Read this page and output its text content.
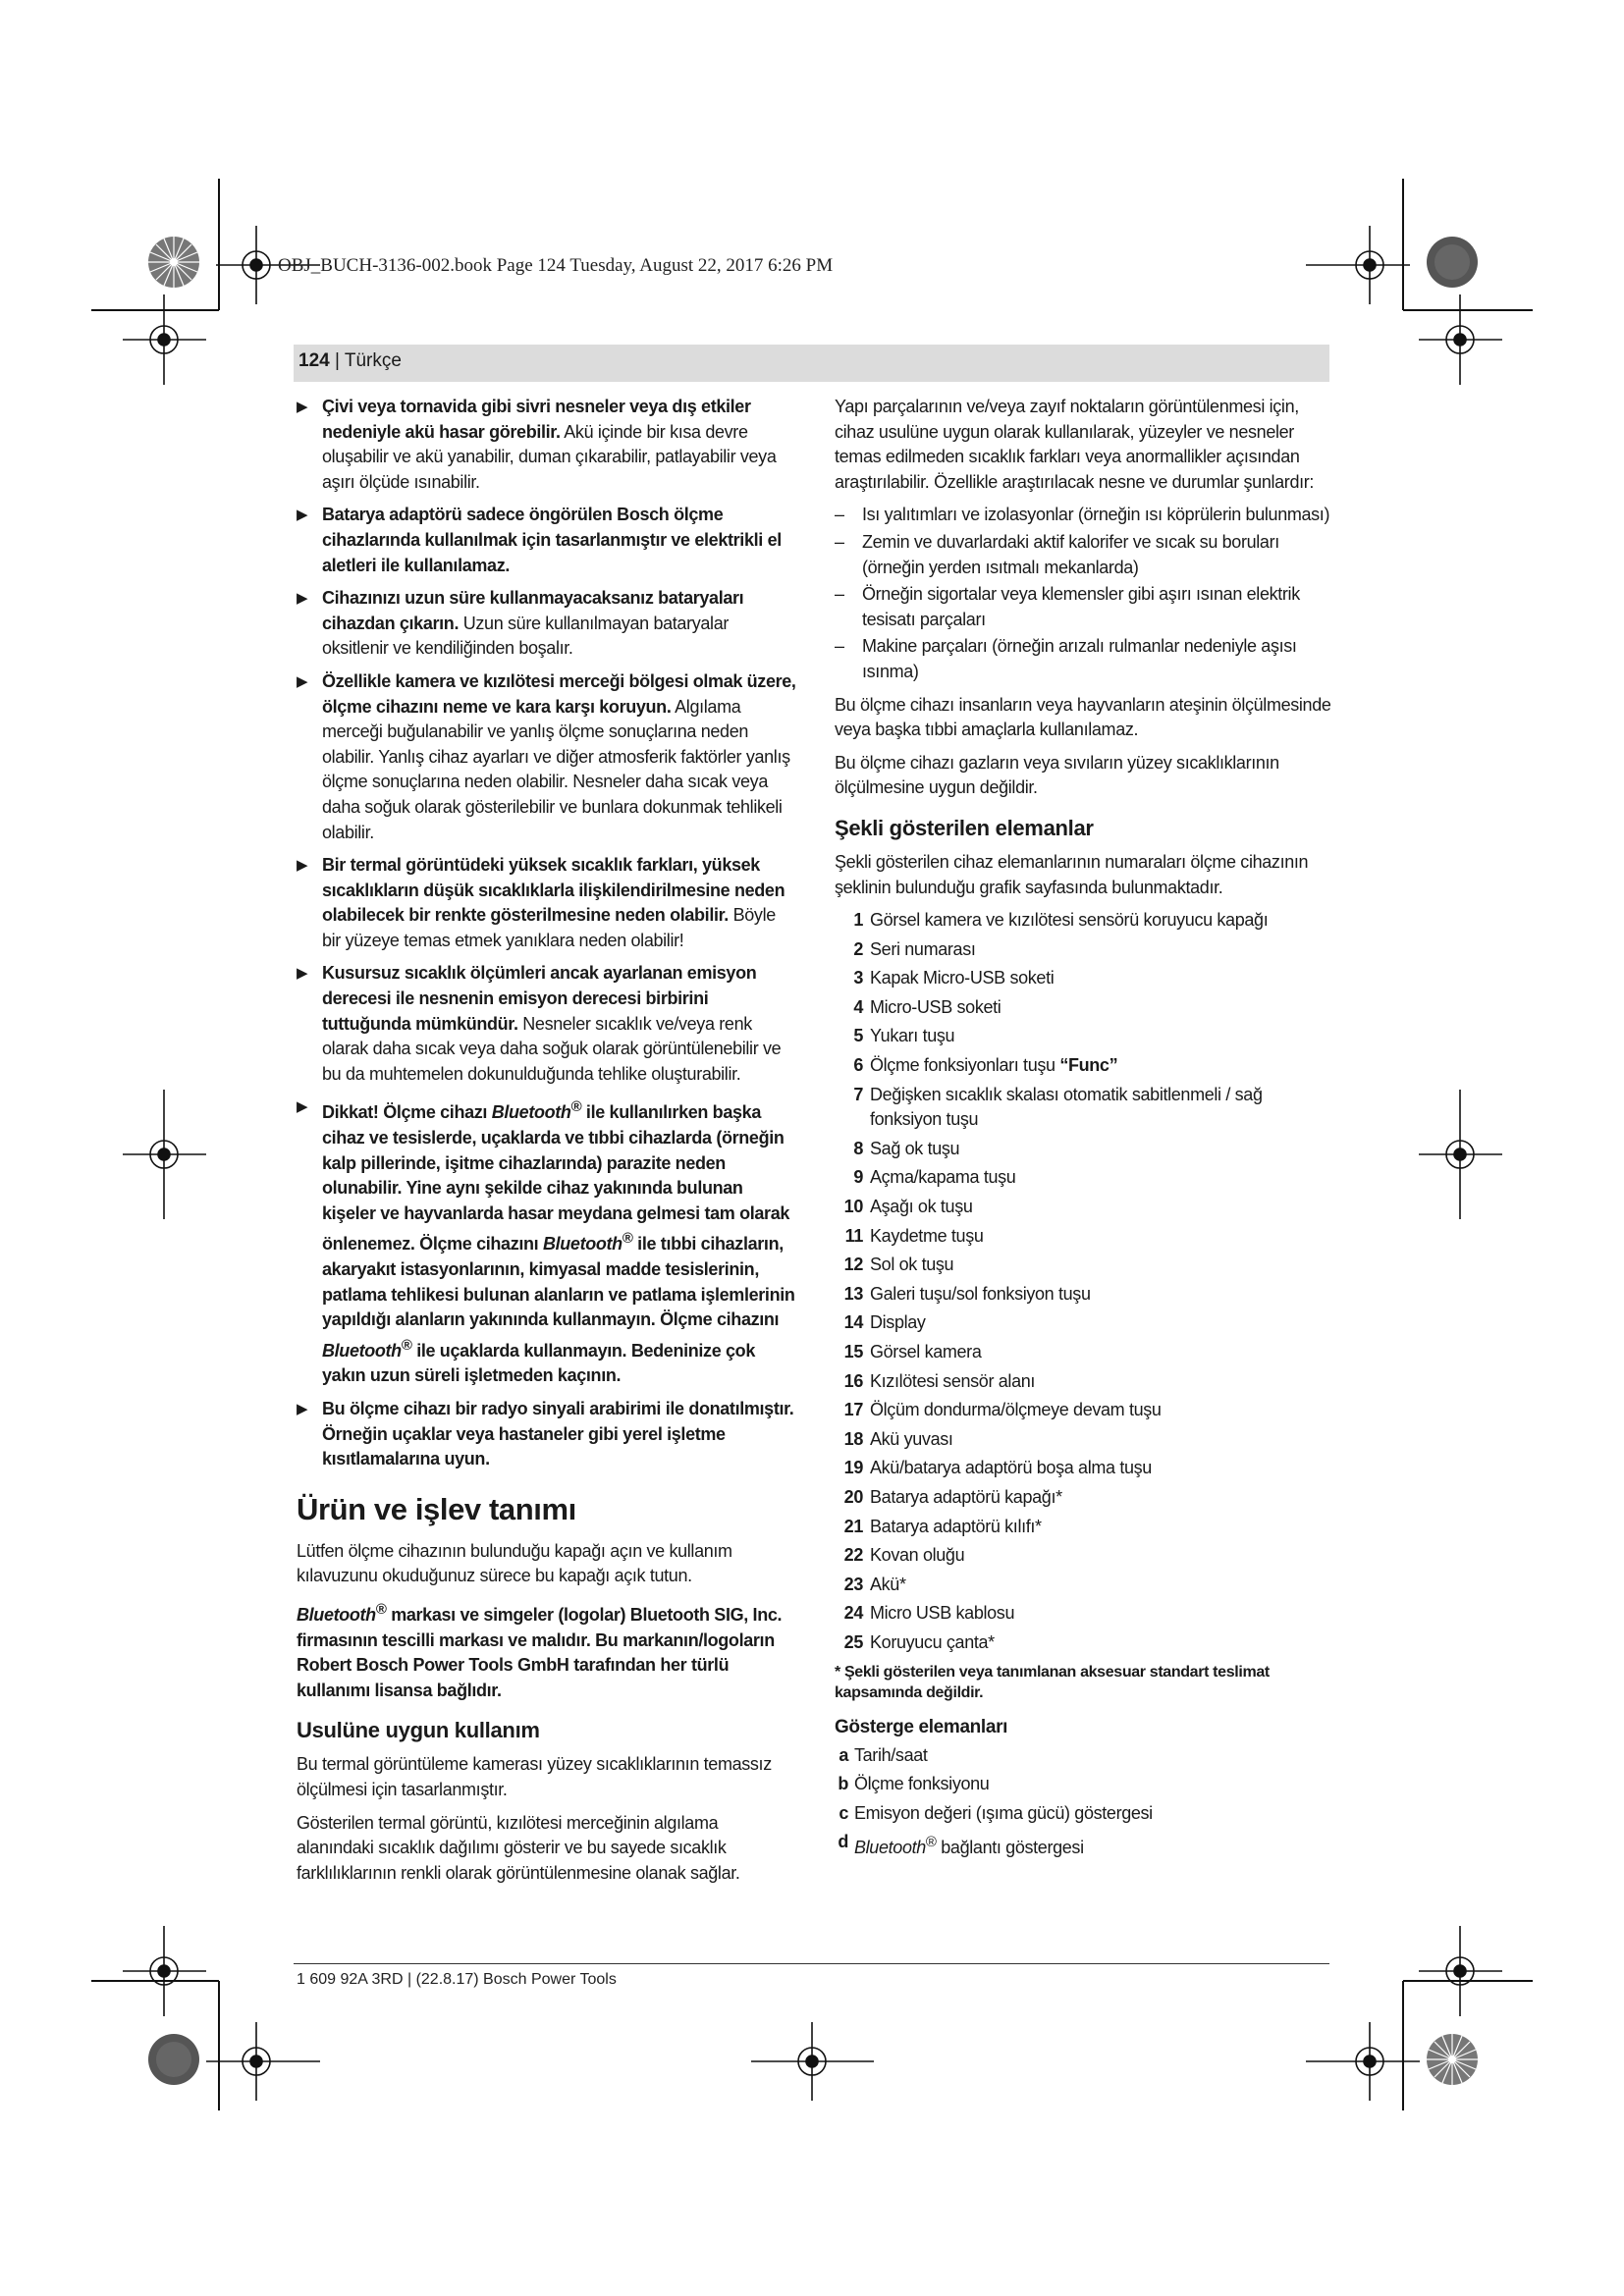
OBJ_BUCH-3136-002.book Page 124 Tuesday, August 22, 2017 6:26 PM
124 | Türkçe
▶ Çivi veya tornavida gibi sivri nesneler veya dış etkiler nedeniyle akü hasar görebilir. Akü içinde bir kısa devre oluşabilir ve akü yanabilir, duman çıkarabilir, patlayabilir veya aşırı ölçüde ısınabilir.
▶ Batarya adaptörü sadece öngörülen Bosch ölçme cihazlarında kullanılmak için tasarlanmıştır ve elektrikli el aletleri ile kullanılamaz.
▶ Cihazınızı uzun süre kullanmayacaksanız bataryaları cihazdan çıkarın. Uzun süre kullanılmayan bataryalar oksitlenir ve kendiliğinden boşalır.
▶ Özellikle kamera ve kızılötesi merceği bölgesi olmak üzere, ölçme cihazını neme ve kara karşı koruyun. Algılama merceği buğulanabilir ve yanlış ölçme sonuçlarına neden olabilir. Yanlış cihaz ayarları ve diğer atmosferik faktörler yanlış ölçme sonuçlarına neden olabilir. Nesneler daha sıcak veya daha soğuk olarak gösterilebilir ve bunlara dokunmak tehlikeli olabilir.
▶ Bir termal görüntüdeki yüksek sıcaklık farkları, yüksek sıcaklıkların düşük sıcaklıklarla ilişkilendirilmesine neden olabilecek bir renkte gösterilmesine neden olabilir. Böyle bir yüzeye temas etmek yanıklara neden olabilir!
▶ Kusursuz sıcaklık ölçümleri ancak ayarlanan emisyon derecesi ile nesnenin emisyon derecesi birbirini tuttuğunda mümkündür. Nesneler sıcaklık ve/veya renk olarak daha sıcak veya daha soğuk olarak görüntülenebilir ve bu da muhtemelen dokunulduğunda tehlike oluşturabilir.
▶ Dikkat! Ölçme cihazı Bluetooth® ile kullanılırken başka cihaz ve tesislerde, uçaklarda ve tıbbi cihazlarda (örneğin kalp pillerinde, işitme cihazlarında) parazite neden olunabilir. Yine aynı şekilde cihaz yakınında bulunan kişeler ve hayvanlarda hasar meydana gelmesi tam olarak önlenemez. Ölçme cihazını Bluetooth® ile tıbbi cihazların, akaryakıt istasyonlarının, kimyasal madde tesislerinin, patlama tehlikesi bulunan alanların ve patlama işlemlerinin yapıldığı alanların yakınında kullanmayın. Ölçme cihazını Bluetooth® ile uçaklarda kullanmayın. Bedeninize çok yakın uzun süreli işletmeden kaçının.
▶ Bu ölçme cihazı bir radyo sinyali arabirimi ile donatılmıştır. Örneğin uçaklar veya hastaneler gibi yerel işletme kısıtlamalarına uyun.
Ürün ve işlev tanımı

Lütfen ölçme cihazının bulunduğu kapağı açın ve kullanım kılavuzunu okuduğunuz sürece bu kapağı açık tutun.

Bluetooth® markası ve simgeler (logolar) Bluetooth SIG, Inc. firmasının tescilli markası ve malıdır. Bu markanın/logoların Robert Bosch Power Tools GmbH tarafından her türlü kullanımı lisansa bağlıdır.

Usulüne uygun kullanım

Bu termal görüntüleme kamerası yüzey sıcaklıklarının temassız ölçülmesi için tasarlanmıştır.

Gösterilen termal görüntü, kızılötesi merceğinin algılama alanındaki sıcaklık dağılımı gösterir ve bu sayede sıcaklık farklılıklarının renkli olarak görüntülenmesine olanak sağlar.

Yapı parçalarının ve/veya zayıf noktaların görüntülenmesi için, cihaz usulüne uygun olarak kullanılarak, yüzeyler ve nesneler temas edilmeden sıcaklık farkları veya anormallikler açısından araştırılabilir. Özellikle araştırılacak nesne ve durumlar şunlardır:

– Isı yalıtımları ve izolasyonlar (örneğin ısı köprülerin bulunması)
– Zemin ve duvarlardaki aktif kalorifer ve sıcak su boruları (örneğin yerden ısıtmalı mekanlarda)
– Örneğin sigortalar veya klemensler gibi aşırı ısınan elektrik tesisatı parçaları
– Makine parçaları (örneğin arızalı rulmanlar nedeniyle aşısı ısınma)

Bu ölçme cihazı insanların veya hayvanların ateşinin ölçülmesinde veya başka tıbbi amaçlarla kullanılamaz.

Bu ölçme cihazı gazların veya sıvıların yüzey sıcaklıklarının ölçülmesine uygun değildir.

Şekli gösterilen elemanlar

Şekli gösterilen cihaz elemanlarının numaraları ölçme cihazının şeklinin bulunduğu grafik sayfasında bulunmaktadır.

1 Görsel kamera ve kızılötesi sensörü koruyucu kapağı
2 Seri numarası
3 Kapak Micro-USB soketi
4 Micro-USB soketi
5 Yukarı tuşu
6 Ölçme fonksiyonları tuşu “Func”
7 Değişken sıcaklık skalası otomatik sabitlenmeli / sağ fonksiyon tuşu
8 Sağ ok tuşu
9 Açma/kapama tuşu
10 Aşağı ok tuşu
11 Kaydetme tuşu
12 Sol ok tuşu
13 Galeri tuşu/sol fonksiyon tuşu
14 Display
15 Görsel kamera
16 Kızılötesi sensör alanı
17 Ölçüm dondurma/ölçmeye devam tuşu
18 Akü yuvası
19 Akü/batarya adaptörü boşa alma tuşu
20 Batarya adaptörü kapağı*
21 Batarya adaptörü kılıfı*
22 Kovan oluğu
23 Akü*
24 Micro USB kablosu
25 Koruyucu çanta*
* Şekli gösterilen veya tanımlanan aksesuar standart teslimat kapsamında değildir.
Gösterge elemanları
a Tarih/saat
b Ölçme fonksiyonu
c Emisyon değeri (ışıma gücü) göstergesi
d Bluetooth® bağlantı göstergesi
1 609 92A 3RD | (22.8.17) Bosch Power Tools
